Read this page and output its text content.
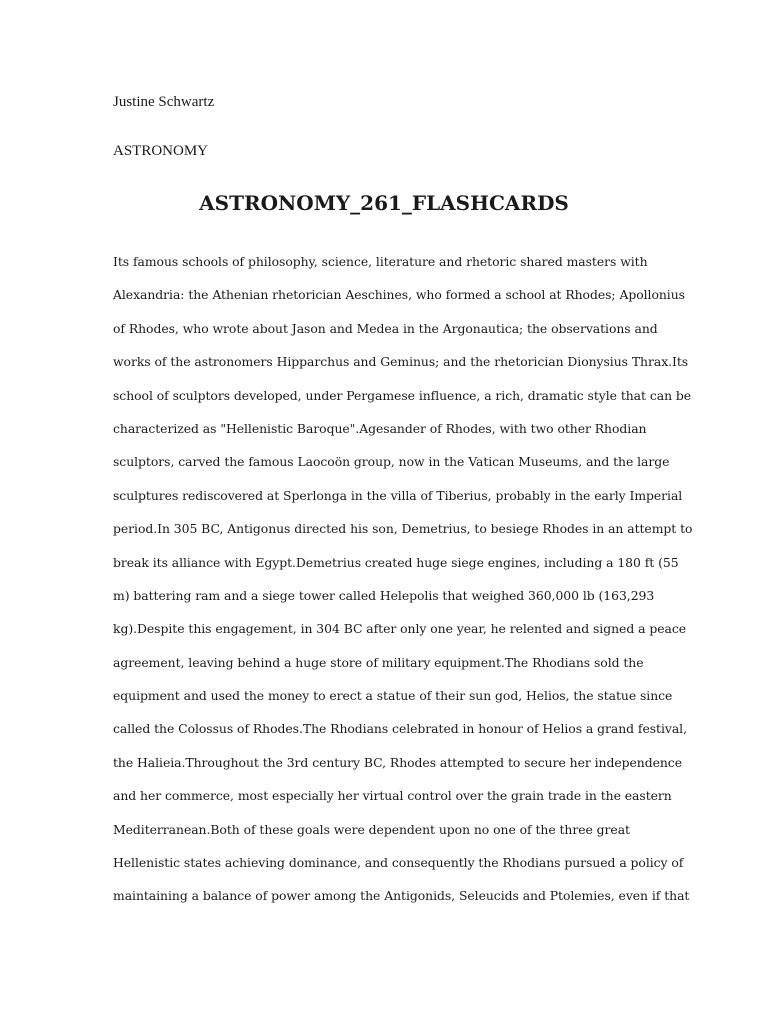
Justine Schwartz
ASTRONOMY
ASTRONOMY_261_FLASHCARDS
Its famous schools of philosophy, science, literature and rhetoric shared masters with
Alexandria: the Athenian rhetorician Aeschines, who formed a school at Rhodes; Apollonius
of Rhodes, who wrote about Jason and Medea in the Argonautica; the observations and
works of the astronomers Hipparchus and Geminus; and the rhetorician Dionysius Thrax.Its
school of sculptors developed, under Pergamese influence, a rich, dramatic style that can be
characterized as "Hellenistic Baroque".Agesander of Rhodes, with two other Rhodian
sculptors, carved the famous Laocoön group, now in the Vatican Museums, and the large
sculptures rediscovered at Sperlonga in the villa of Tiberius, probably in the early Imperial
period.In 305 BC, Antigonus directed his son, Demetrius, to besiege Rhodes in an attempt to
break its alliance with Egypt.Demetrius created huge siege engines, including a 180 ft (55
m) battering ram and a siege tower called Helepolis that weighed 360,000 lb (163,293
kg).Despite this engagement, in 304 BC after only one year, he relented and signed a peace
agreement, leaving behind a huge store of military equipment.The Rhodians sold the
equipment and used the money to erect a statue of their sun god, Helios, the statue since
called the Colossus of Rhodes.The Rhodians celebrated in honour of Helios a grand festival,
the Halieia.Throughout the 3rd century BC, Rhodes attempted to secure her independence
and her commerce, most especially her virtual control over the grain trade in the eastern
Mediterranean.Both of these goals were dependent upon no one of the three great
Hellenistic states achieving dominance, and consequently the Rhodians pursued a policy of
maintaining a balance of power among the Antigonids, Seleucids and Ptolemies, even if that
